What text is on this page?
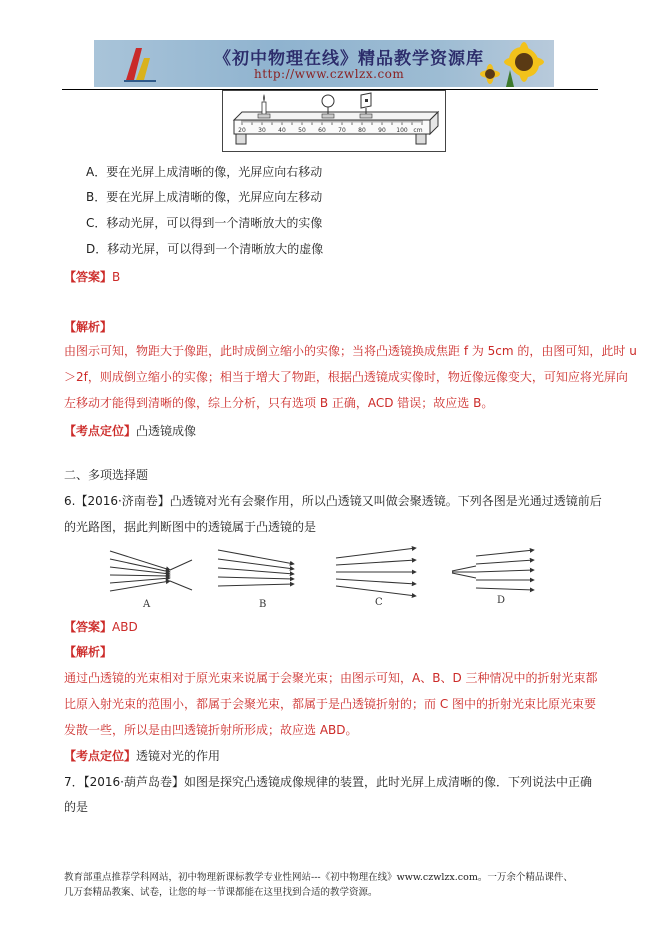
《初中物理在线》精品教学资源库
http://www.czwlzx.com
20 30 40 50 60 70 80 90 100 cm
A．要在光屏上成清晰的像，光屏应向右移动
B．要在光屏上成清晰的像，光屏应向左移动
C．移动光屏，可以得到一个清晰放大的实像
D．移动光屏，可以得到一个清晰放大的虚像
【答案】B
【解析】
由图示可知，物距大于像距，此时成倒立缩小的实像；当将凸透镜换成焦距 f 为 5cm 的，由图可知，此时 u
＞2f，则成倒立缩小的实像；相当于增大了物距，根据凸透镜成实像时，物近像远像变大，可知应将光屏向
左移动才能得到清晰的像，综上分析，只有选项 B 正确，ACD 错误；故应选 B。
【考点定位】凸透镜成像
二、多项选择题
6.【2016·济南卷】凸透镜对光有会聚作用，所以凸透镜又叫做会聚透镜。下列各图是光通过透镜前后
的光路图，据此判断图中的透镜属于凸透镜的是
A	B	C	D
【答案】ABD
【解析】
通过凸透镜的光束相对于原光束来说属于会聚光束；由图示可知，A、B、D 三种情况中的折射光束都
比原入射光束的范围小，都属于会聚光束，都属于是凸透镜折射的；而 C 图中的折射光束比原光束要
发散一些，所以是由凹透镜折射所形成；故应选 ABD。
【考点定位】透镜对光的作用
7．【2016·葫芦岛卷】如图是探究凸透镜成像规律的装置，此时光屏上成清晰的像．下列说法中正确
的是
教育部重点推荐学科网站，初中物理新课标教学专业性网站---《初中物理在线》www.czwlzx.com。一万余个精品课件、
几万套精品教案、试卷，让您的每一节课都能在这里找到合适的教学资源。
